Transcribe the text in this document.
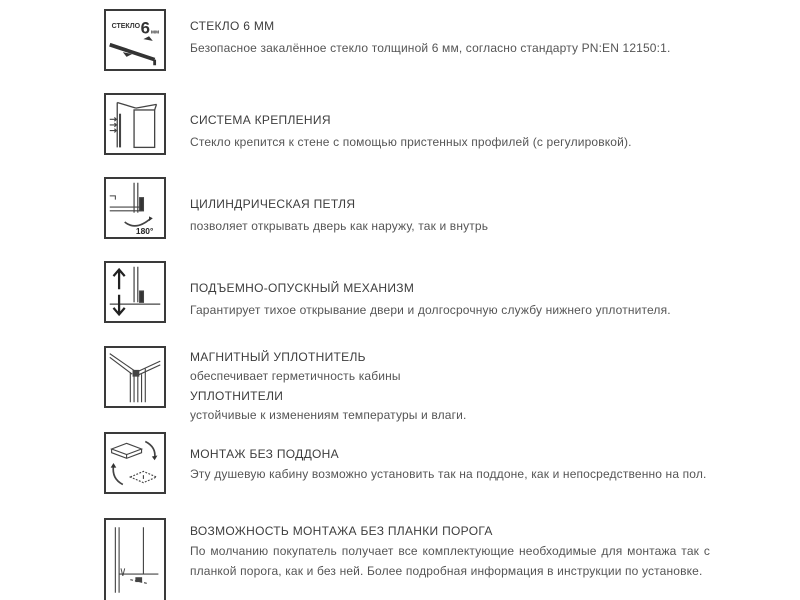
СТЕКЛО 6 мм	СТЕКЛО 6 ММ

Безопасное закалённое стекло толщиной 6 мм, согласно стандарту PN:EN 12150:1.

СИСТЕМА КРЕПЛЕНИЯ

Стекло крепится к стене с помощью пристенных профилей (с регулировкой).

180°
ЦИЛИНДРИЧЕСКАЯ ПЕТЛЯ

позволяет открывать дверь как наружу, так и внутрь

ПОДЪЕМНО-ОПУСКНЫЙ МЕХАНИЗМ

Гарантирует тихое открывание двери и долгосрочную службу нижнего уплотнителя.

МАГНИТНЫЙ УПЛОТНИТЕЛЬ

обеспечивает герметичность кабины

УПЛОТНИТЕЛИ

устойчивые к изменениям температуры и влаги.

МОНТАЖ БЕЗ ПОДДОНА

Эту душевую кабину возможно установить так на поддоне, как и непосредственно на пол.

ВОЗМОЖНОСТЬ МОНТАЖА БЕЗ ПЛАНКИ ПОРОГА

По молчанию покупатель получает все комплектующие необходимые для монтажа так с планкой порога, как и без ней. Более подробная информация в инструкции по установке.
